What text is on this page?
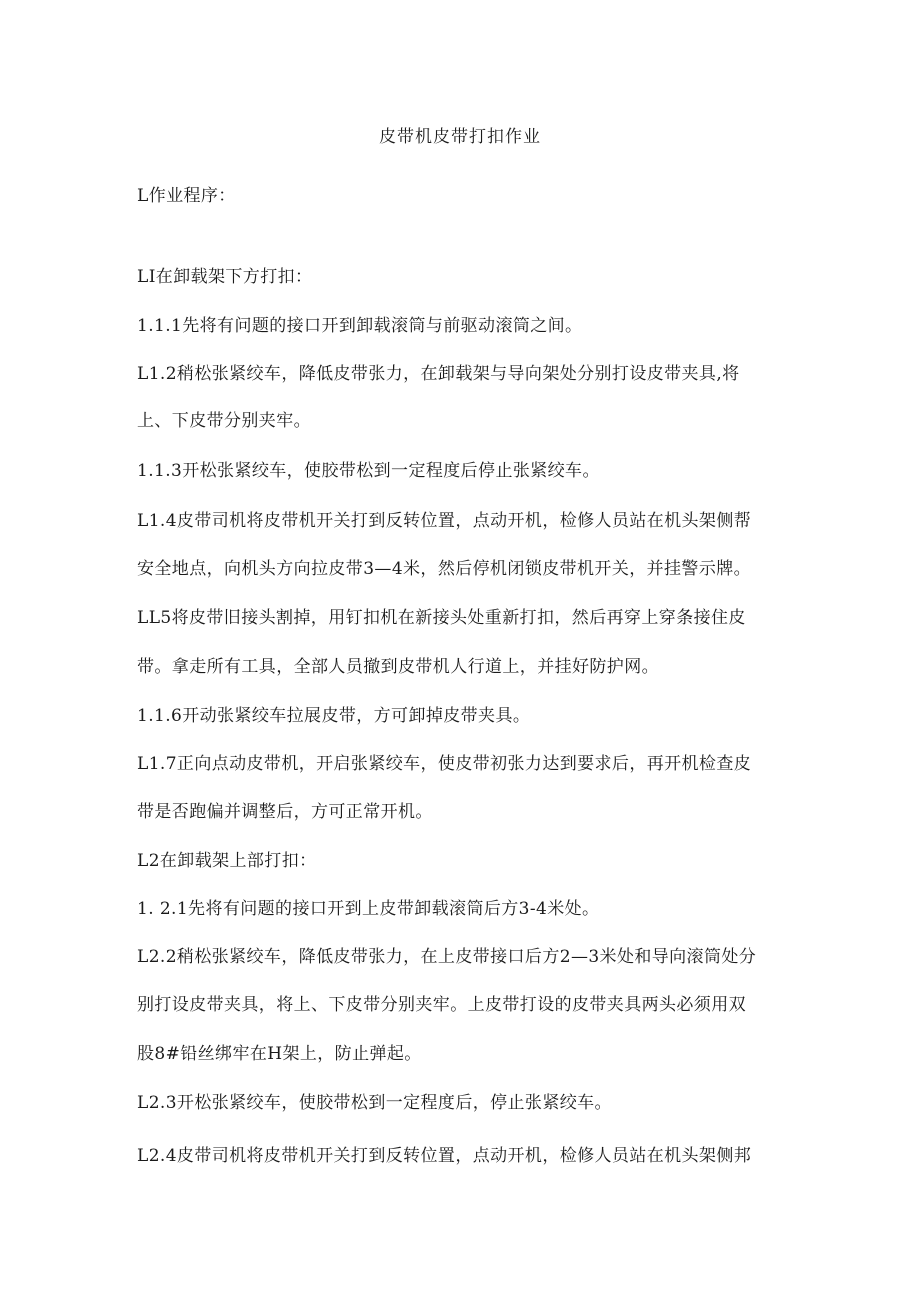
皮带机皮带打扣作业
L作业程序：
LI在卸载架下方打扣：
1.1.1先将有问题的接口开到卸载滚筒与前驱动滚筒之间。
L1.2稍松张紧绞车，降低皮带张力，在卸载架与导向架处分别打设皮带夹具,将
上、下皮带分别夹牢。
1.1.3开松张紧绞车，使胶带松到一定程度后停止张紧绞车。
L1.4皮带司机将皮带机开关打到反转位置，点动开机，检修人员站在机头架侧帮
安全地点，向机头方向拉皮带3—4米，然后停机闭锁皮带机开关，并挂警示牌。
LL5将皮带旧接头割掉，用钉扣机在新接头处重新打扣，然后再穿上穿条接住皮
带。拿走所有工具，全部人员撤到皮带机人行道上，并挂好防护网。
1.1.6开动张紧绞车拉展皮带，方可卸掉皮带夹具。
L1.7正向点动皮带机，开启张紧绞车，使皮带初张力达到要求后，再开机检查皮
带是否跑偏并调整后，方可正常开机。
L2在卸载架上部打扣：
1. 2.1先将有问题的接口开到上皮带卸载滚筒后方3-4米处。
L2.2稍松张紧绞车，降低皮带张力，在上皮带接口后方2—3米处和导向滚筒处分
别打设皮带夹具，将上、下皮带分别夹牢。上皮带打设的皮带夹具两头必须用双
股8#铅丝绑牢在H架上，防止弹起。
L2.3开松张紧绞车，使胶带松到一定程度后，停止张紧绞车。
L2.4皮带司机将皮带机开关打到反转位置，点动开机，检修人员站在机头架侧邦
